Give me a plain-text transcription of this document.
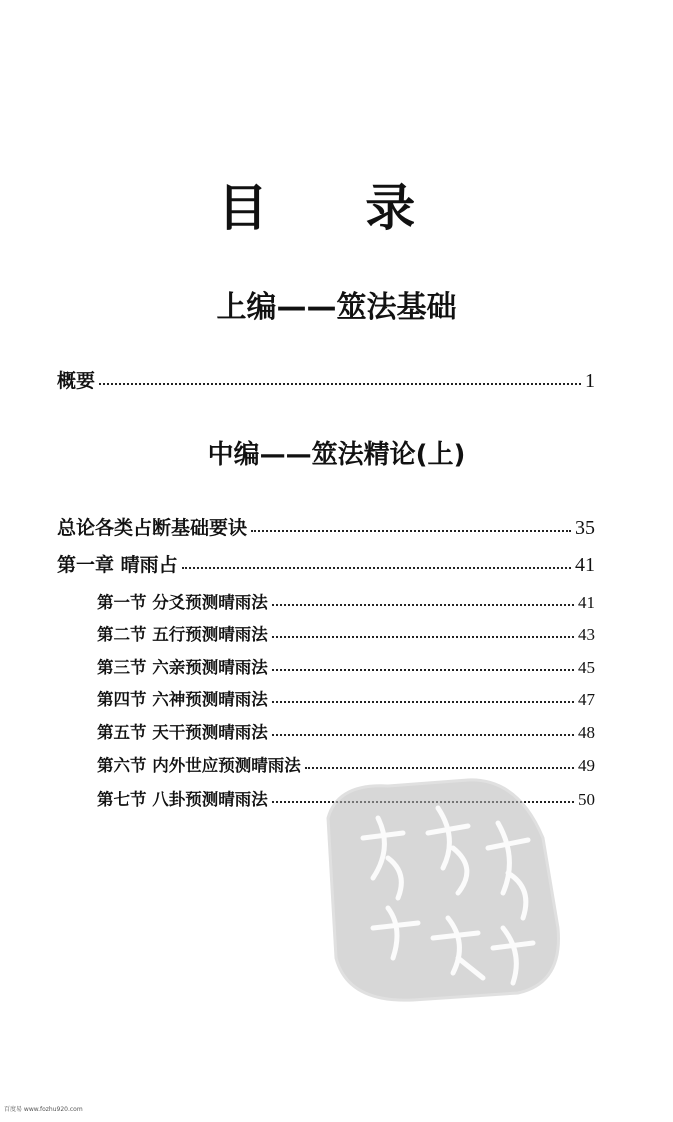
目 录
上编——筮法基础
概要	1
中编——筮法精论(上)
总论各类占断基础要诀	35
第一章 晴雨占	41
第一节 分爻预测晴雨法	41
第二节 五行预测晴雨法	43
第三节 六亲预测晴雨法	45
第四节 六神预测晴雨法	47
第五节 天干预测晴雨法	48
第六节 内外世应预测晴雨法	49
第七节 八卦预测晴雨法	50
百度易 www.fozhu920.com
